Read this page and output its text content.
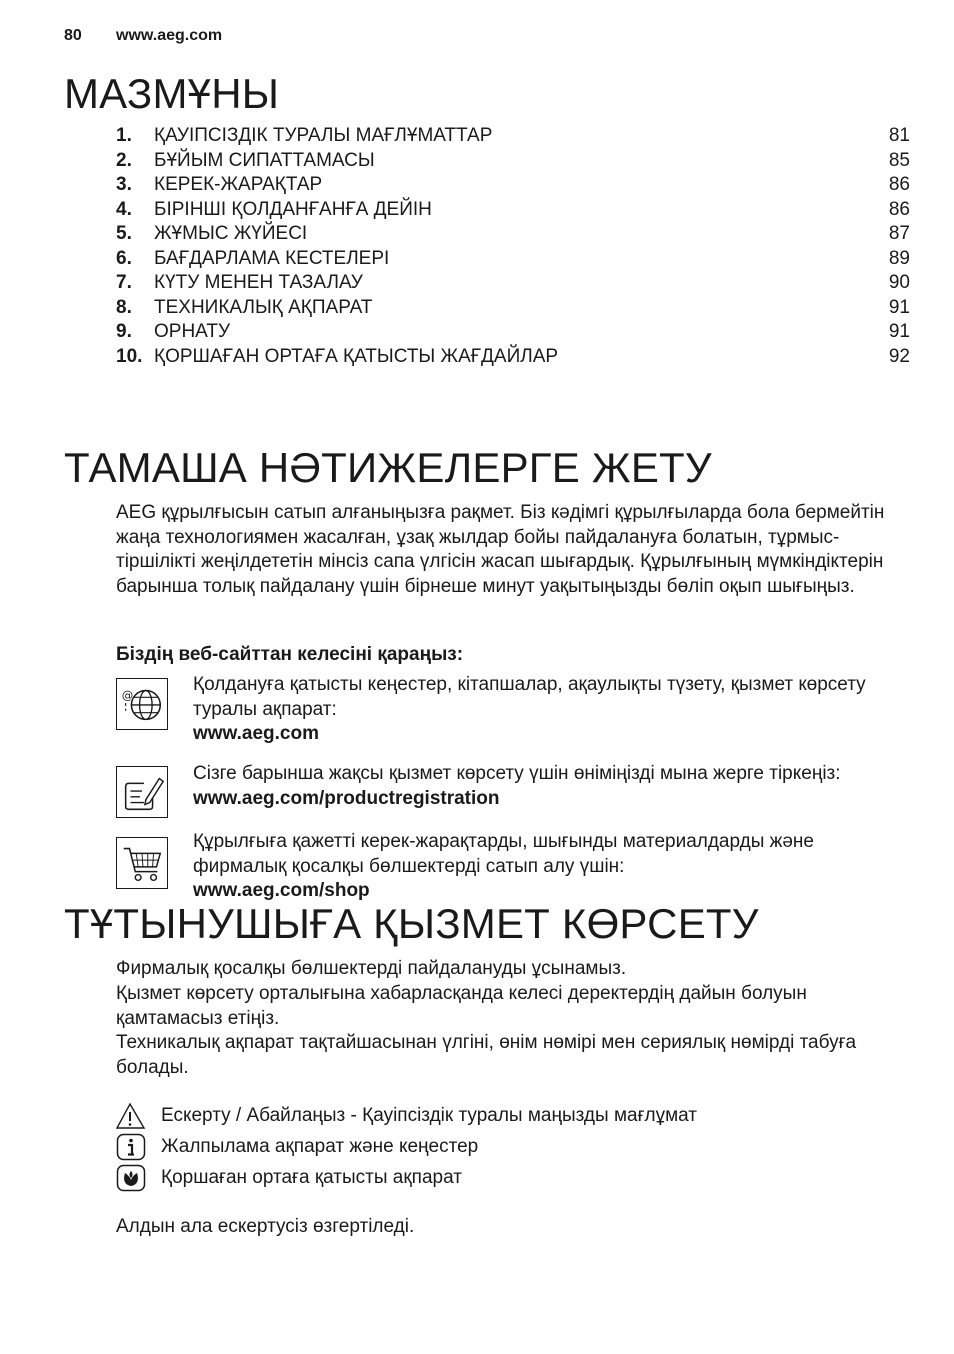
80 www.aeg.com
МАЗМҰНЫ
1.	ҚАУІПСІЗДІК ТУРАЛЫ МАҒЛҰМАТТАР	81
2.	БҰЙЫМ СИПАТТАМАСЫ	85
3.	КЕРЕК-ЖАРАҚТАР	86
4.	БІРІНШІ ҚОЛДАНҒАНҒА ДЕЙІН	86
5.	ЖҰМЫС ЖҮЙЕСІ	87
6.	БАҒДАРЛАМА КЕСТЕЛЕРІ	89
7.	КҮТУ МЕНЕН ТАЗАЛАУ	90
8.	ТЕХНИКАЛЫҚ АҚПАРАТ	91
9.	ОРНАТУ	91
10. ҚОРШАҒАН ОРТАҒА ҚАТЫСТЫ ЖАҒДАЙЛАР	92
ТАМАША НӘТИЖЕЛЕРГЕ ЖЕТУ

AEG құрылғысын сатып алғаныңызға рақмет. Біз кәдімгі құрылғыларда бола бермейтін жаңа технологиямен жасалған, ұзақ жылдар бойы пайдалануға болатын, тұрмыс-тіршілікті жеңілдететін мінсіз сапа үлгісін жасап шығардық. Құрылғының мүмкіндіктерін барынша толық пайдалану үшін бірнеше минут уақытыңызды бөліп оқып шығыңыз.

Біздің веб-сайттан келесіні қараңыз:

@

Қолдануға қатысты кеңестер, кітапшалар, ақаулықты түзету, қызмет көрсету туралы ақпарат:
www.aeg.com

Сізге барынша жақсы қызмет көрсету үшін өніміңізді мына жерге тіркеңіз:
www.aeg.com/productregistration

Құрылғыға қажетті керек-жарақтарды, шығынды материалдарды және фирмалық қосалқы бөлшектерді сатып алу үшін:
www.aeg.com/shop

ТҰТЫНУШЫҒА ҚЫЗМЕТ КӨРСЕТУ

Фирмалық қосалқы бөлшектерді пайдалануды ұсынамыз.

Қызмет көрсету орталығына хабарласқанда келесі деректердің дайын болуын қамтамасыз етіңіз.

Техникалық ақпарат тақтайшасынан үлгіні, өнім нөмірі мен сериялық нөмірді табуға болады.

Ескерту / Абайлаңыз - Қауіпсіздік туралы маңызды мағлұмат
Жалпылама ақпарат және кеңестер
Қоршаған ортаға қатысты ақпарат

Алдын ала ескертусіз өзгертіледі.
